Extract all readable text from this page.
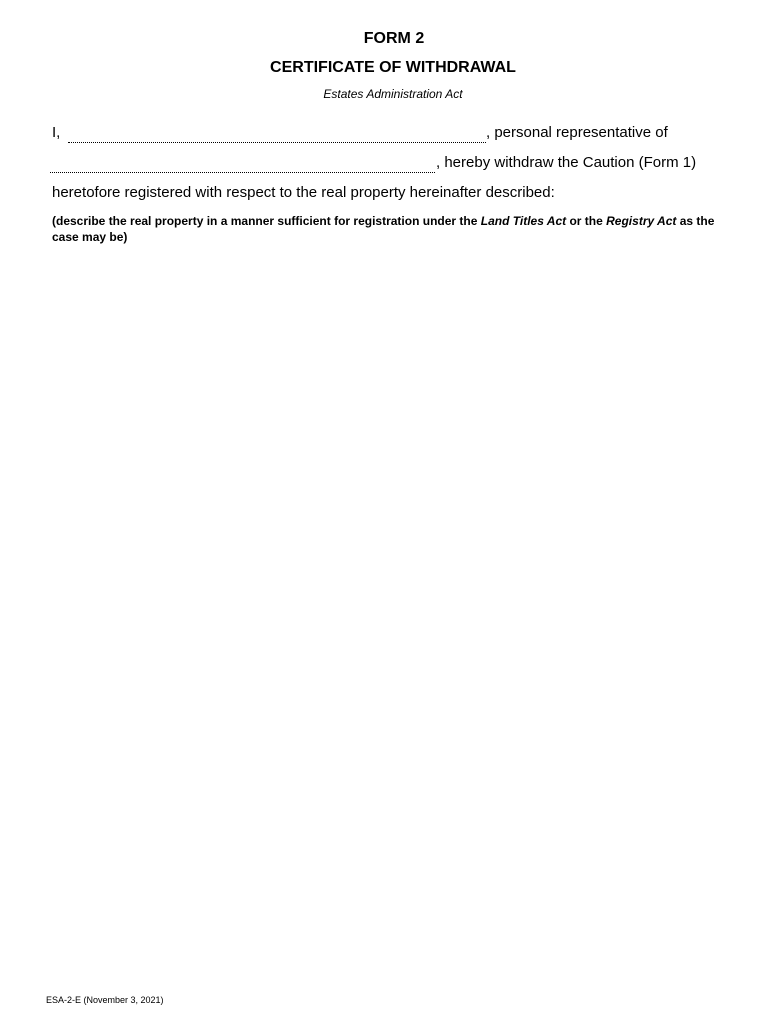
FORM 2
CERTIFICATE OF WITHDRAWAL
Estates Administration Act
I,	, personal representative of
, hereby withdraw the Caution (Form 1)
heretofore registered with respect to the real property hereinafter described:
(describe the real property in a manner sufficient for registration under the Land Titles Act or the Registry Act as the case may be)
ESA-2-E (November 3, 2021)
